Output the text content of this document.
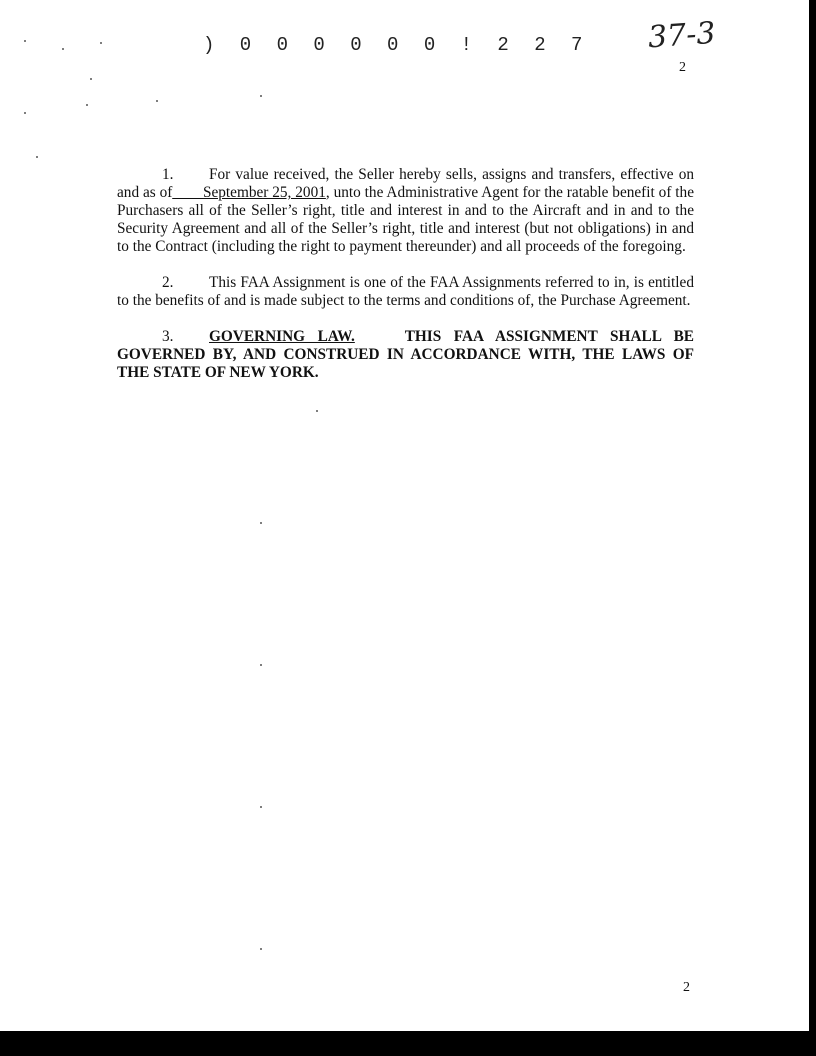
) 0 0 0 0 0 0 ! 2 2 7 37-3
2

1. For value received, the Seller hereby sells, assigns and transfers, effective on and as of____September 25, 2001, unto the Administrative Agent for the ratable benefit of the Purchasers all of the Seller’s right, title and interest in and to the Aircraft and in and to the Security Agreement and all of the Seller’s right, title and interest (but not obligations) in and to the Contract (including the right to payment thereunder) and all proceeds of the foregoing.

2. This FAA Assignment is one of the FAA Assignments referred to in, is entitled to the benefits of and is made subject to the terms and conditions of, the Purchase Agreement.

3. GOVERNING LAW.	THIS FAA ASSIGNMENT SHALL BE GOVERNED BY, AND CONSTRUED IN ACCORDANCE WITH, THE LAWS OF THE STATE OF NEW YORK.

2
